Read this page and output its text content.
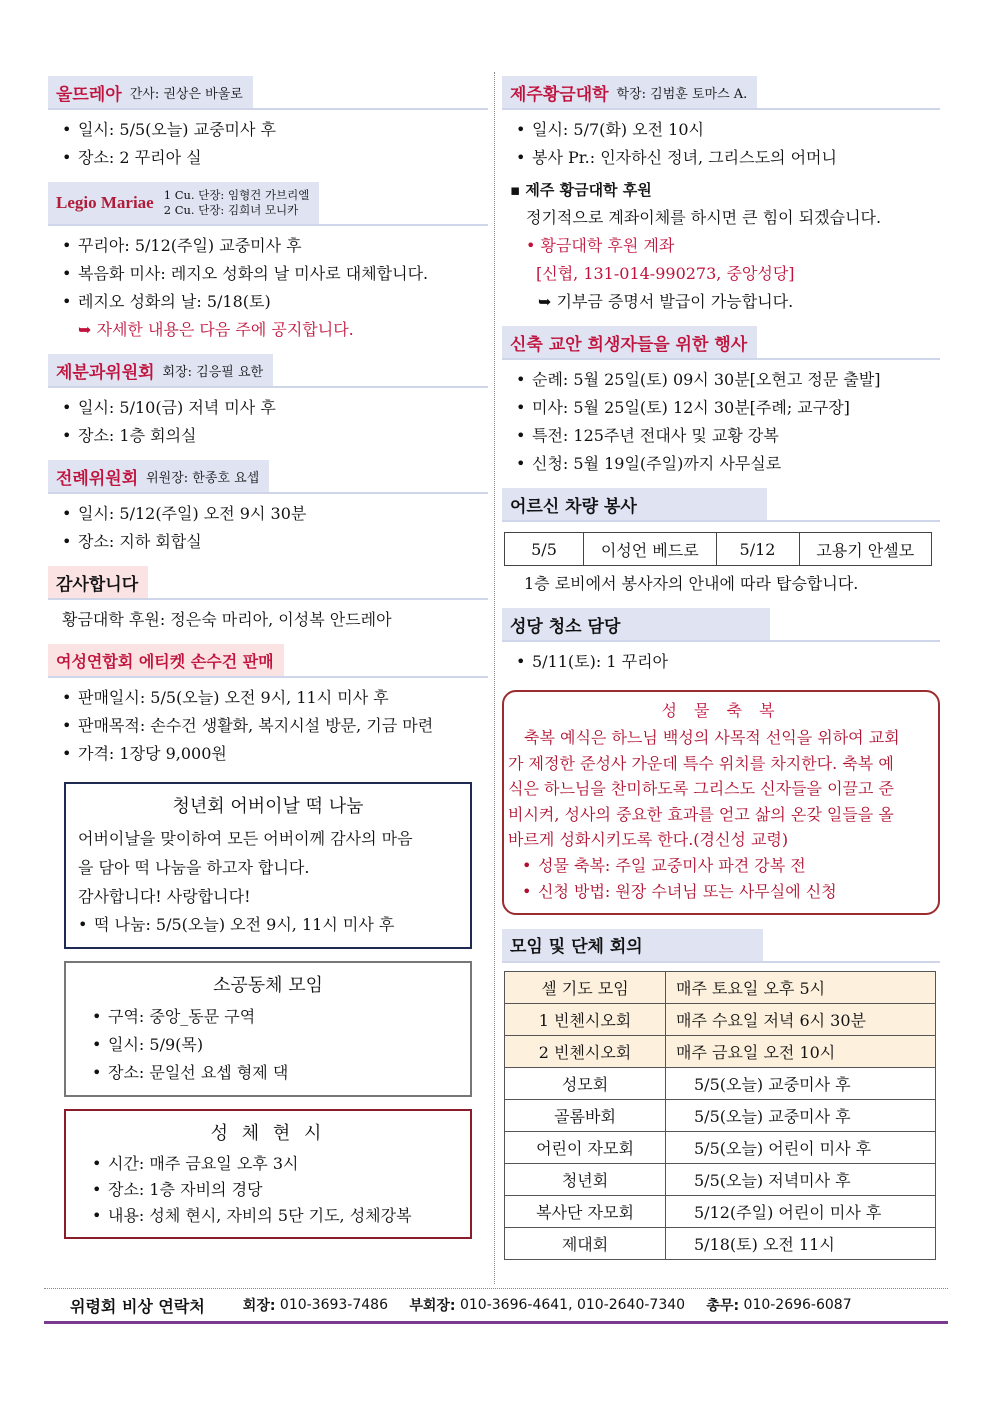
울뜨레아 간사: 권상은 바울로
• 일시: 5/5(오늘) 교중미사 후
• 장소: 2 꾸리아 실
Legio Mariae 1 Cu. 단장: 임형건 가브리엘
2 Cu. 단장: 김희녀 모니카
• 꾸리아: 5/12(주일) 교중미사 후
• 복음화 미사: 레지오 성화의 날 미사로 대체합니다.
• 레지오 성화의 날: 5/18(토)
➥ 자세한 내용은 다음 주에 공지합니다.
제분과위원회 회장: 김응필 요한
• 일시: 5/10(금) 저녁 미사 후
• 장소: 1층 회의실
전례위원회 위원장: 한종호 요셉
• 일시: 5/12(주일) 오전 9시 30분
• 장소: 지하 회합실
감사합니다

황금대학 후원: 정은숙 마리아, 이성복 안드레아

여성연합회 에티켓 손수건 판매
• 판매일시: 5/5(오늘) 오전 9시, 11시 미사 후
• 판매목적: 손수건 생활화, 복지시설 방문, 기금 마련
• 가격: 1장당 9,000원
청년회 어버이날 떡 나눔

어버이날을 맞이하여 모든 어버이께 감사의 마음

을 담아 떡 나눔을 하고자 합니다.

감사합니다! 사랑합니다!

• 떡 나눔: 5/5(오늘) 오전 9시, 11시 미사 후
소공동체 모임
• 구역: 중앙_동문 구역
• 일시: 5/9(목)
• 장소: 문일선 요셉 형제 댁
성 체 현 시
• 시간: 매주 금요일 오후 3시
• 장소: 1층 자비의 경당
• 내용: 성체 현시, 자비의 5단 기도, 성체강복
제주황금대학 학장: 김범훈 토마스 A.
• 일시: 5/7(화) 오전 10시
• 봉사 Pr.: 인자하신 정녀, 그리스도의 어머니
▪ 제주 황금대학 후원
정기적으로 계좌이체를 하시면 큰 힘이 되겠습니다.
• 황금대학 후원 계좌
[신협, 131-014-990273, 중앙성당]
➥ 기부금 증명서 발급이 가능합니다.
신축 교안 희생자들을 위한 행사
• 순례: 5월 25일(토) 09시 30분[오현고 정문 출발]
• 미사: 5월 25일(토) 12시 30분[주례; 교구장]
• 특전: 125주년 전대사 및 교황 강복
• 신청: 5월 19일(주일)까지 사무실로
어르신 차량 봉사
5/5	이성언 베드로	5/12	고용기 안셀모

1층 로비에서 봉사자의 안내에 따라 탑승합니다.

성당 청소 담당
• 5/11(토): 1 꾸리아
성 물 축 복

축복 예식은 하느님 백성의 사목적 선익을 위하여 교회

가 제정한 준성사 가운데 특수 위치를 차지한다. 축복 예

식은 하느님을 찬미하도록 그리스도 신자들을 이끌고 준

비시켜, 성사의 중요한 효과를 얻고 삶의 온갖 일들을 올

바르게 성화시키도록 한다.(경신성 교령)

• 성물 축복: 주일 교중미사 파견 강복 전
• 신청 방법: 원장 수녀님 또는 사무실에 신청
모임 및 단체 회의
셀 기도 모임	매주 토요일 오후 5시
1 빈첸시오회	매주 수요일 저녁 6시 30분
2 빈첸시오회	매주 금요일 오전 10시
성모회	5/5(오늘) 교중미사 후
골롬바회	5/5(오늘) 교중미사 후
어린이 자모회	5/5(오늘) 어린이 미사 후
청년회	5/5(오늘) 저녁미사 후
복사단 자모회	5/12(주일) 어린이 미사 후
제대회	5/18(토) 오전 11시
위령회 비상 연락처	회장:
010-3693-7486
부회장:
010-3696-4641, 010-2640-7340
총무:
010-2696-6087
